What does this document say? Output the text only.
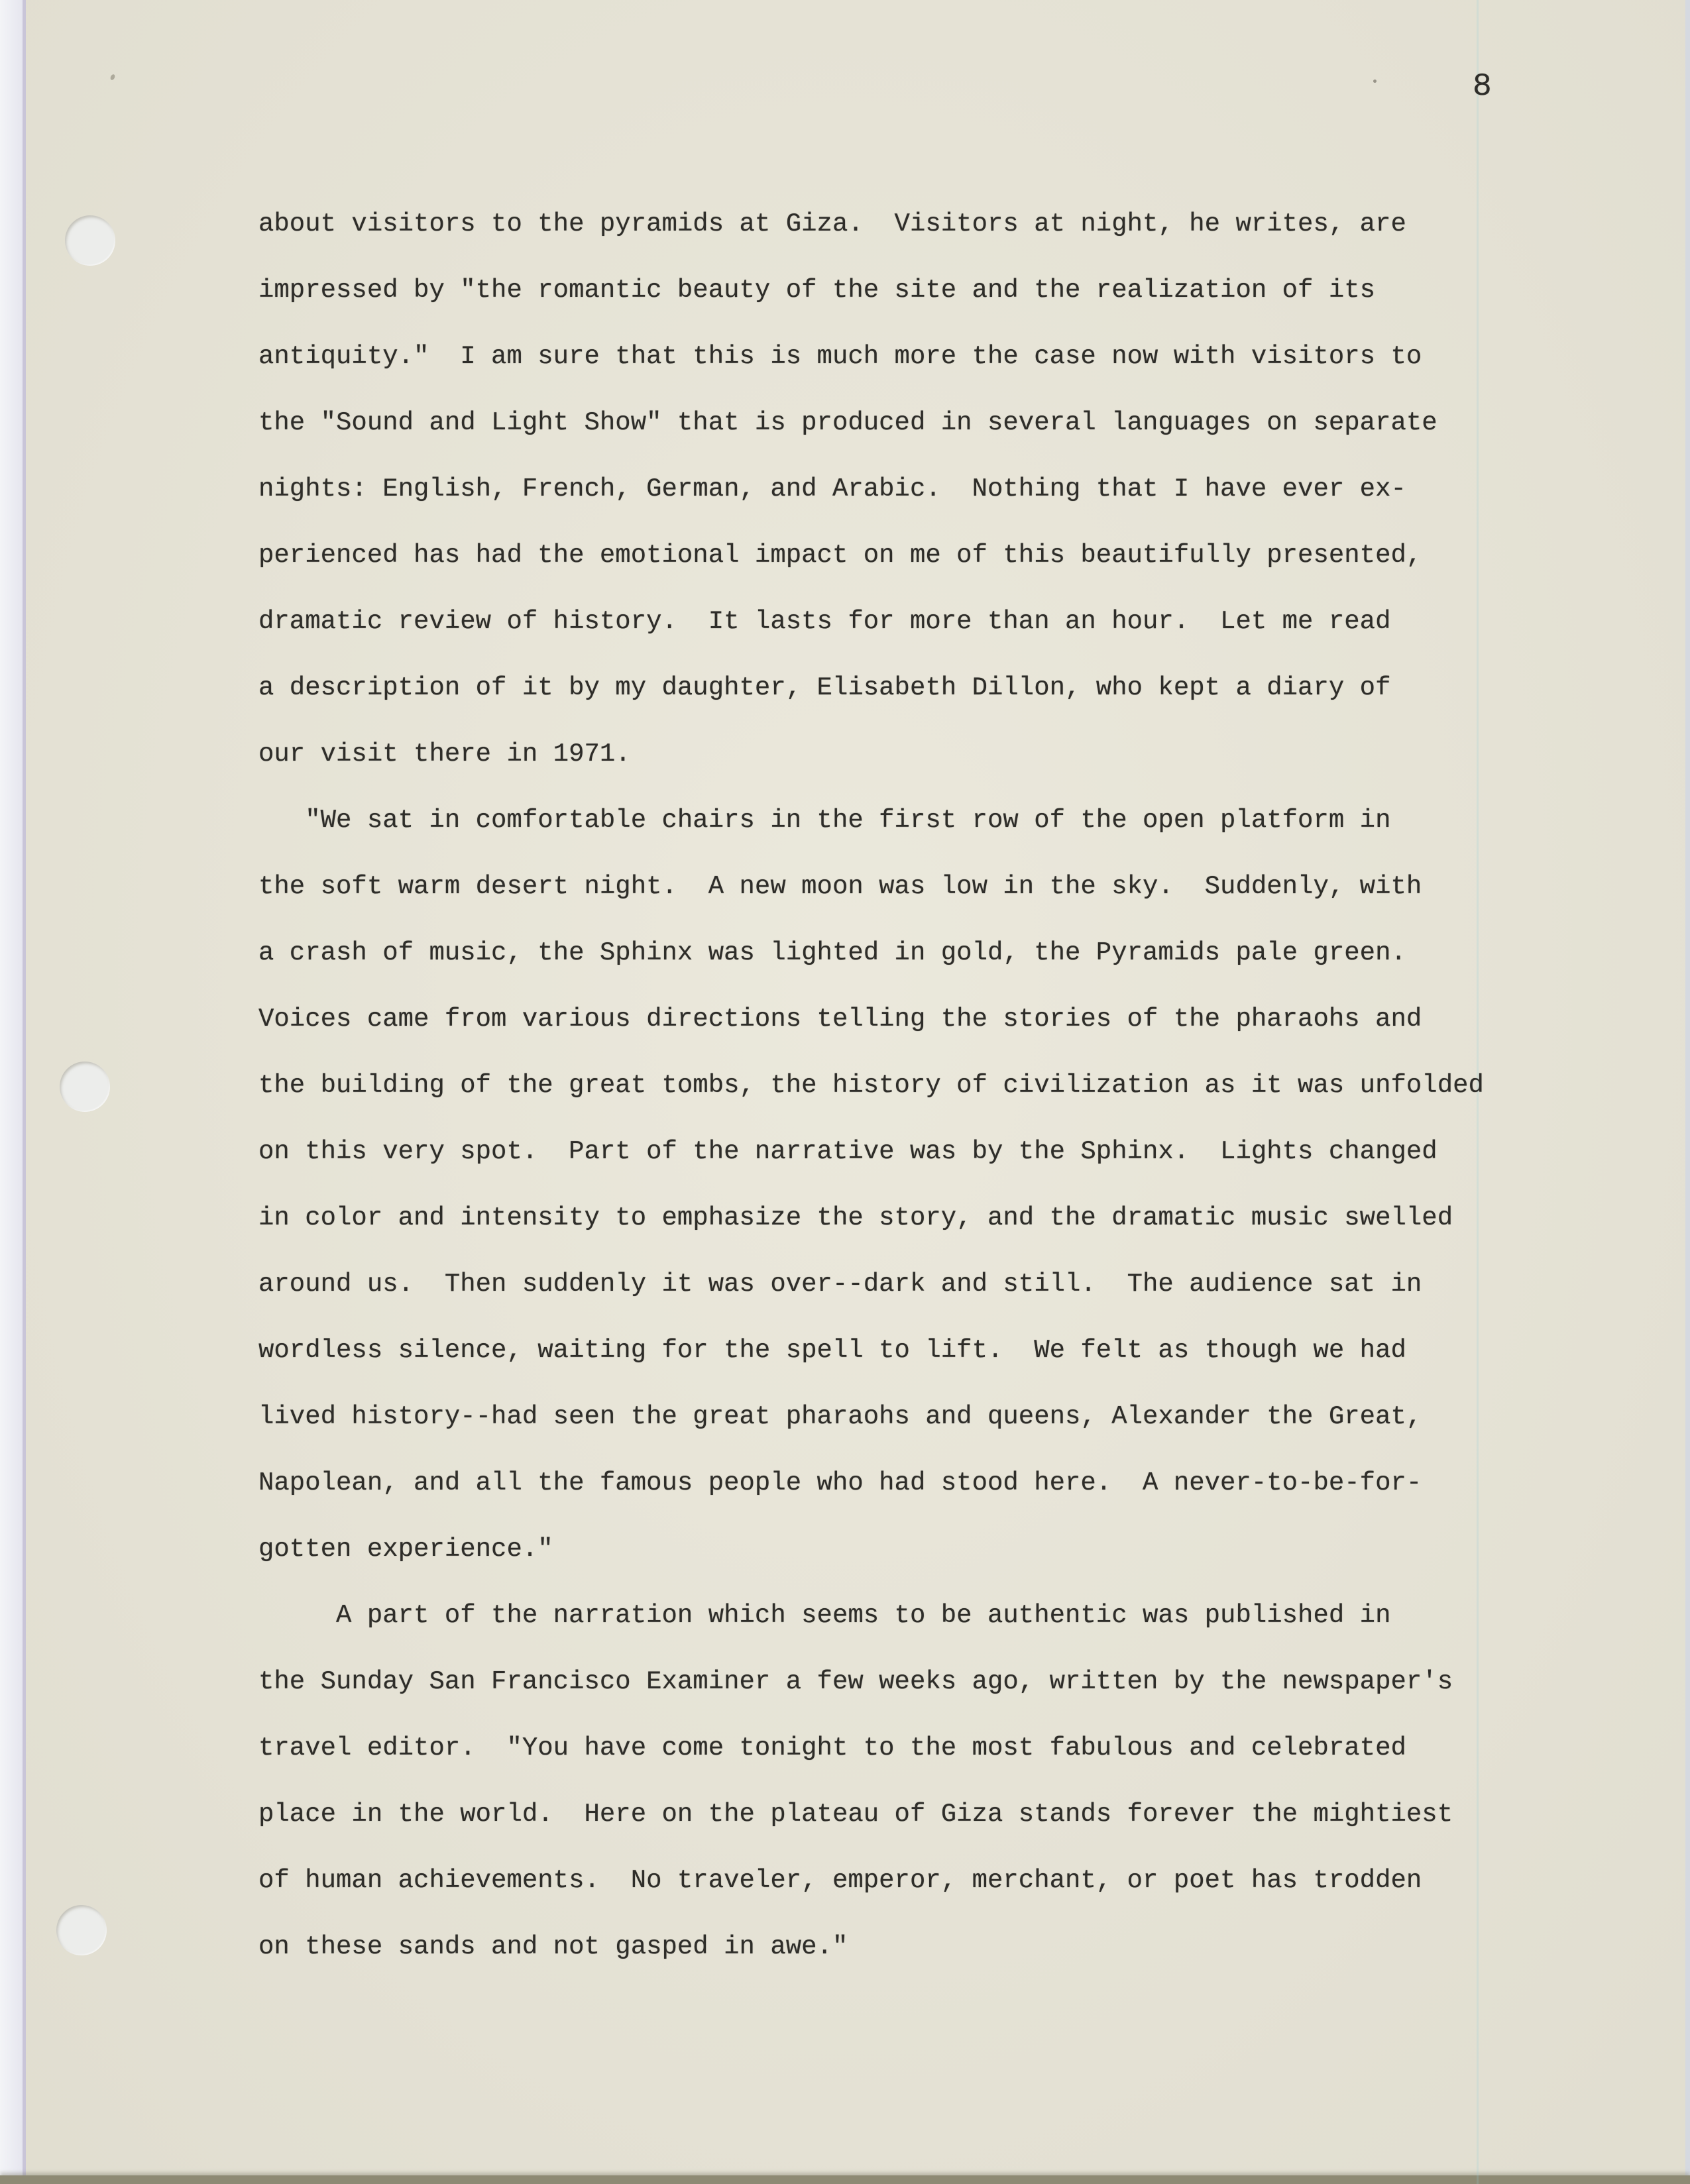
8
about visitors to the pyramids at Giza.  Visitors at night, he writes, are
impressed by "the romantic beauty of the site and the realization of its
antiquity."  I am sure that this is much more the case now with visitors to
the "Sound and Light Show" that is produced in several languages on separate
nights: English, French, German, and Arabic.  Nothing that I have ever ex-
perienced has had the emotional impact on me of this beautifully presented,
dramatic review of history.  It lasts for more than an hour.  Let me read
a description of it by my daughter, Elisabeth Dillon, who kept a diary of
our visit there in 1971.
"We sat in comfortable chairs in the first row of the open platform in
the soft warm desert night.  A new moon was low in the sky.  Suddenly, with
a crash of music, the Sphinx was lighted in gold, the Pyramids pale green.
Voices came from various directions telling the stories of the pharaohs and
the building of the great tombs, the history of civilization as it was unfolded
on this very spot.  Part of the narrative was by the Sphinx.  Lights changed
in color and intensity to emphasize the story, and the dramatic music swelled
around us.  Then suddenly it was over--dark and still.  The audience sat in
wordless silence, waiting for the spell to lift.  We felt as though we had
lived history--had seen the great pharaohs and queens, Alexander the Great,
Napolean, and all the famous people who had stood here.  A never-to-be-for-
gotten experience."
A part of the narration which seems to be authentic was published in
the Sunday San Francisco Examiner a few weeks ago, written by the newspaper's
travel editor.  "You have come tonight to the most fabulous and celebrated
place in the world.  Here on the plateau of Giza stands forever the mightiest
of human achievements.  No traveler, emperor, merchant, or poet has trodden
on these sands and not gasped in awe."
